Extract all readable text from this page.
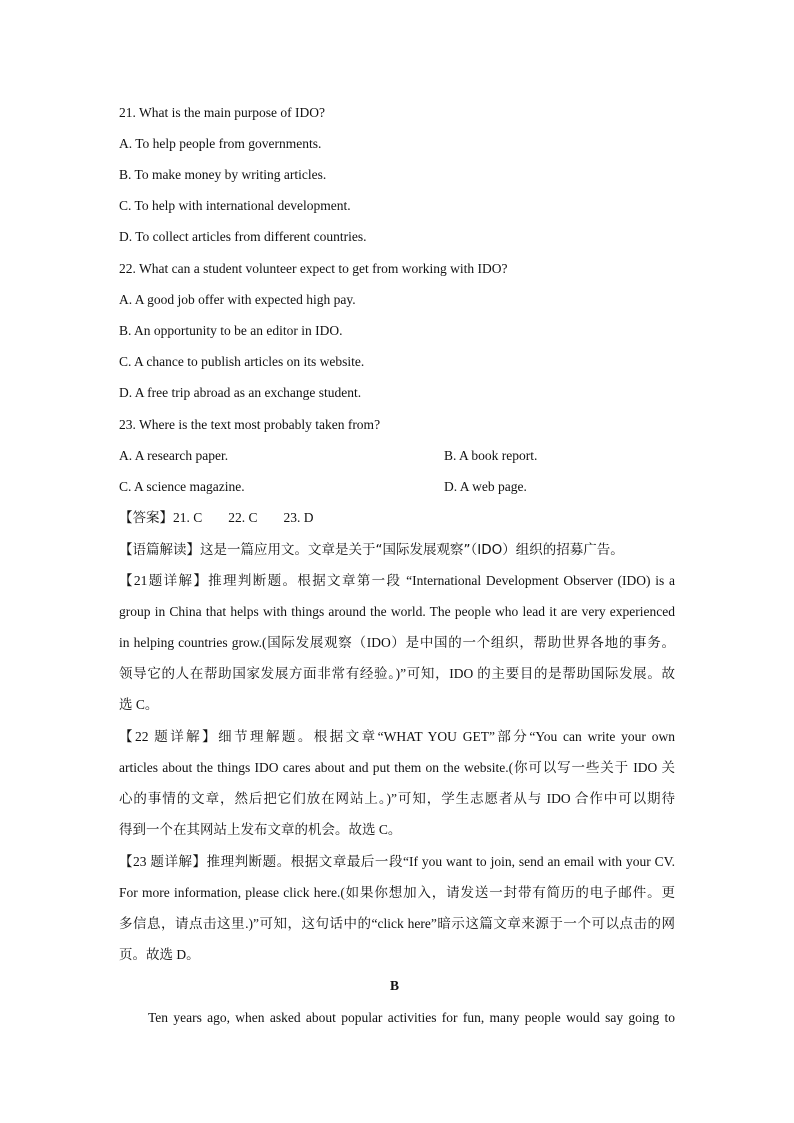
21. What is the main purpose of IDO?
A. To help people from governments.
B. To make money by writing articles.
C. To help with international development.
D. To collect articles from different countries.
22. What can a student volunteer expect to get from working with IDO?
A. A good job offer with expected high pay.
B. An opportunity to be an editor in IDO.
C. A chance to publish articles on its website.
D. A free trip abroad as an exchange student.
23. Where is the text most probably taken from?
A. A research paper.	B. A book report.
C. A science magazine.	D. A web page.
【答案】21. C 22. C 23. D
【语篇解读】这是一篇应用文。文章是关于“国际发展观察”（IDO）组织的招募广告。
【21题详解】推理判断题。根据文章第一段 “International Development Observer (IDO) is a
group in China that helps with things around the world. The people who lead it are very experienced
in helping countries grow.(国际发展观察（IDO）是中国的一个组织，帮助世界各地的事务。
领导它的人在帮助国家发展方面非常有经验。)”可知，IDO 的主要目的是帮助国际发展。故
选 C。
【22 题详解】细节理解题。根据文章“WHAT YOU GET”部分“You can write your own
articles about the things IDO cares about and put them on the website.(你可以写一些关于 IDO 关
心的事情的文章，然后把它们放在网站上。)”可知，学生志愿者从与 IDO 合作中可以期待
得到一个在其网站上发布文章的机会。故选 C。
【23 题详解】推理判断题。根据文章最后一段“If you want to join, send an email with your CV.
For more information, please click here.(如果你想加入，请发送一封带有简历的电子邮件。更
多信息，请点击这里.)”可知，这句话中的“click here”暗示这篇文章来源于一个可以点击的网
页。故选 D。
B
Ten years ago, when asked about popular activities for fun, many people would say going to
